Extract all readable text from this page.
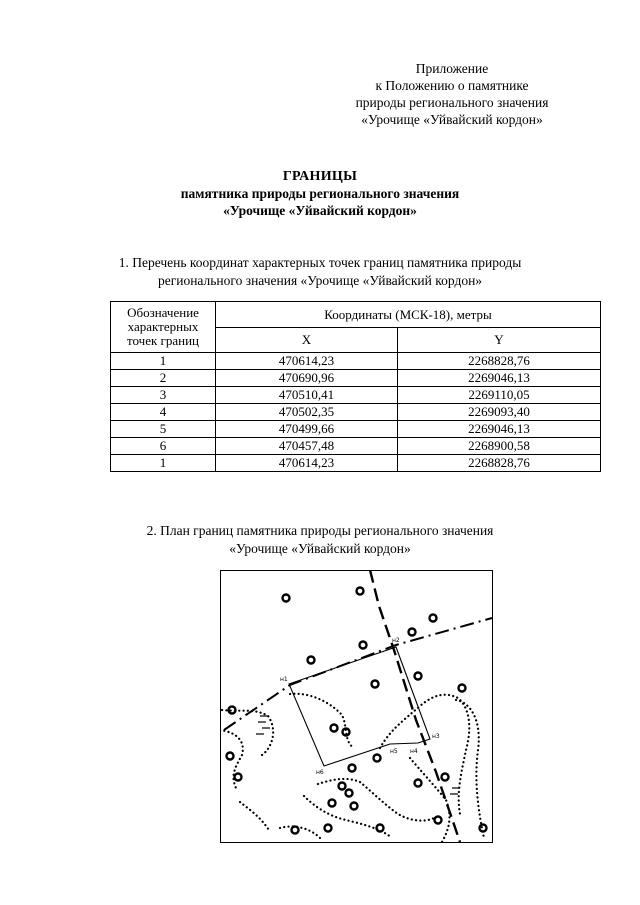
Приложение
к Положению о памятнике
природы регионального значения
«Урочище «Уйвайский кордон»
ГРАНИЦЫ
памятника природы регионального значения
«Урочище «Уйвайский кордон»
1. Перечень координат характерных точек границ памятника природы
регионального значения «Урочище «Уйвайский кордон»
Обозначение
характерных
точек границ	Координаты (МСК-18), метры	
	X	Y
1	470614,23	2268828,76
2	470690,96	2269046,13
3	470510,41	2269110,05
4	470502,35	2269093,40
5	470499,66	2269046,13
6	470457,48	2268900,58
1	470614,23	2268828,76
2. План границ памятника природы регионального значения
«Урочище «Уйвайский кордон»
н1
н2
н3
н4
н5
н6
